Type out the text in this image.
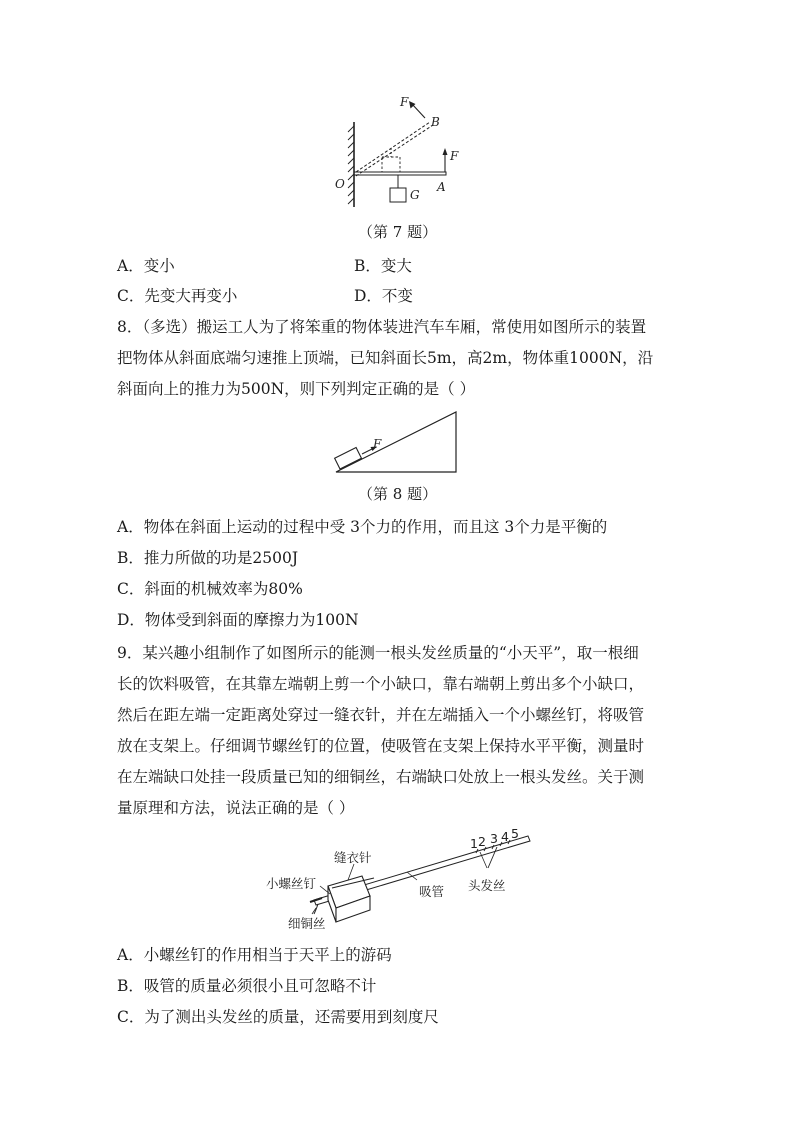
F
B
F
O	A
G
（第 7 题）
A．变小	B．变大
C．先变大再变小	D．不变
8．（多选）搬运工人为了将笨重的物体装进汽车车厢，常使用如图所示的装置
把物体从斜面底端匀速推上顶端，已知斜面长5m，高2m，物体重1000N，沿
斜面向上的推力为500N，则下列判定正确的是（ ）
F
（第 8 题）
A．物体在斜面上运动的过程中受 3个力的作用，而且这 3个力是平衡的
B．推力所做的功是2500J
C．斜面的机械效率为80%
D．物体受到斜面的摩擦力为100N
9．某兴趣小组制作了如图所示的能测一根头发丝质量的“小天平”，取一根细
长的饮料吸管，在其靠左端朝上剪一个小缺口，靠右端朝上剪出多个小缺口，
然后在距左端一定距离处穿过一缝衣针，并在左端插入一个小螺丝钉，将吸管
放在支架上。仔细调节螺丝钉的位置，使吸管在支架上保持水平平衡，测量时
在左端缺口处挂一段质量已知的细铜丝，右端缺口处放上一根头发丝。关于测
量原理和方法，说法正确的是（ ）
缝衣针
小螺丝钉
吸管 头发丝
细铜丝
1 2 3 4 5
A．小螺丝钉的作用相当于天平上的游码
B．吸管的质量必须很小且可忽略不计
C．为了测出头发丝的质量，还需要用到刻度尺
